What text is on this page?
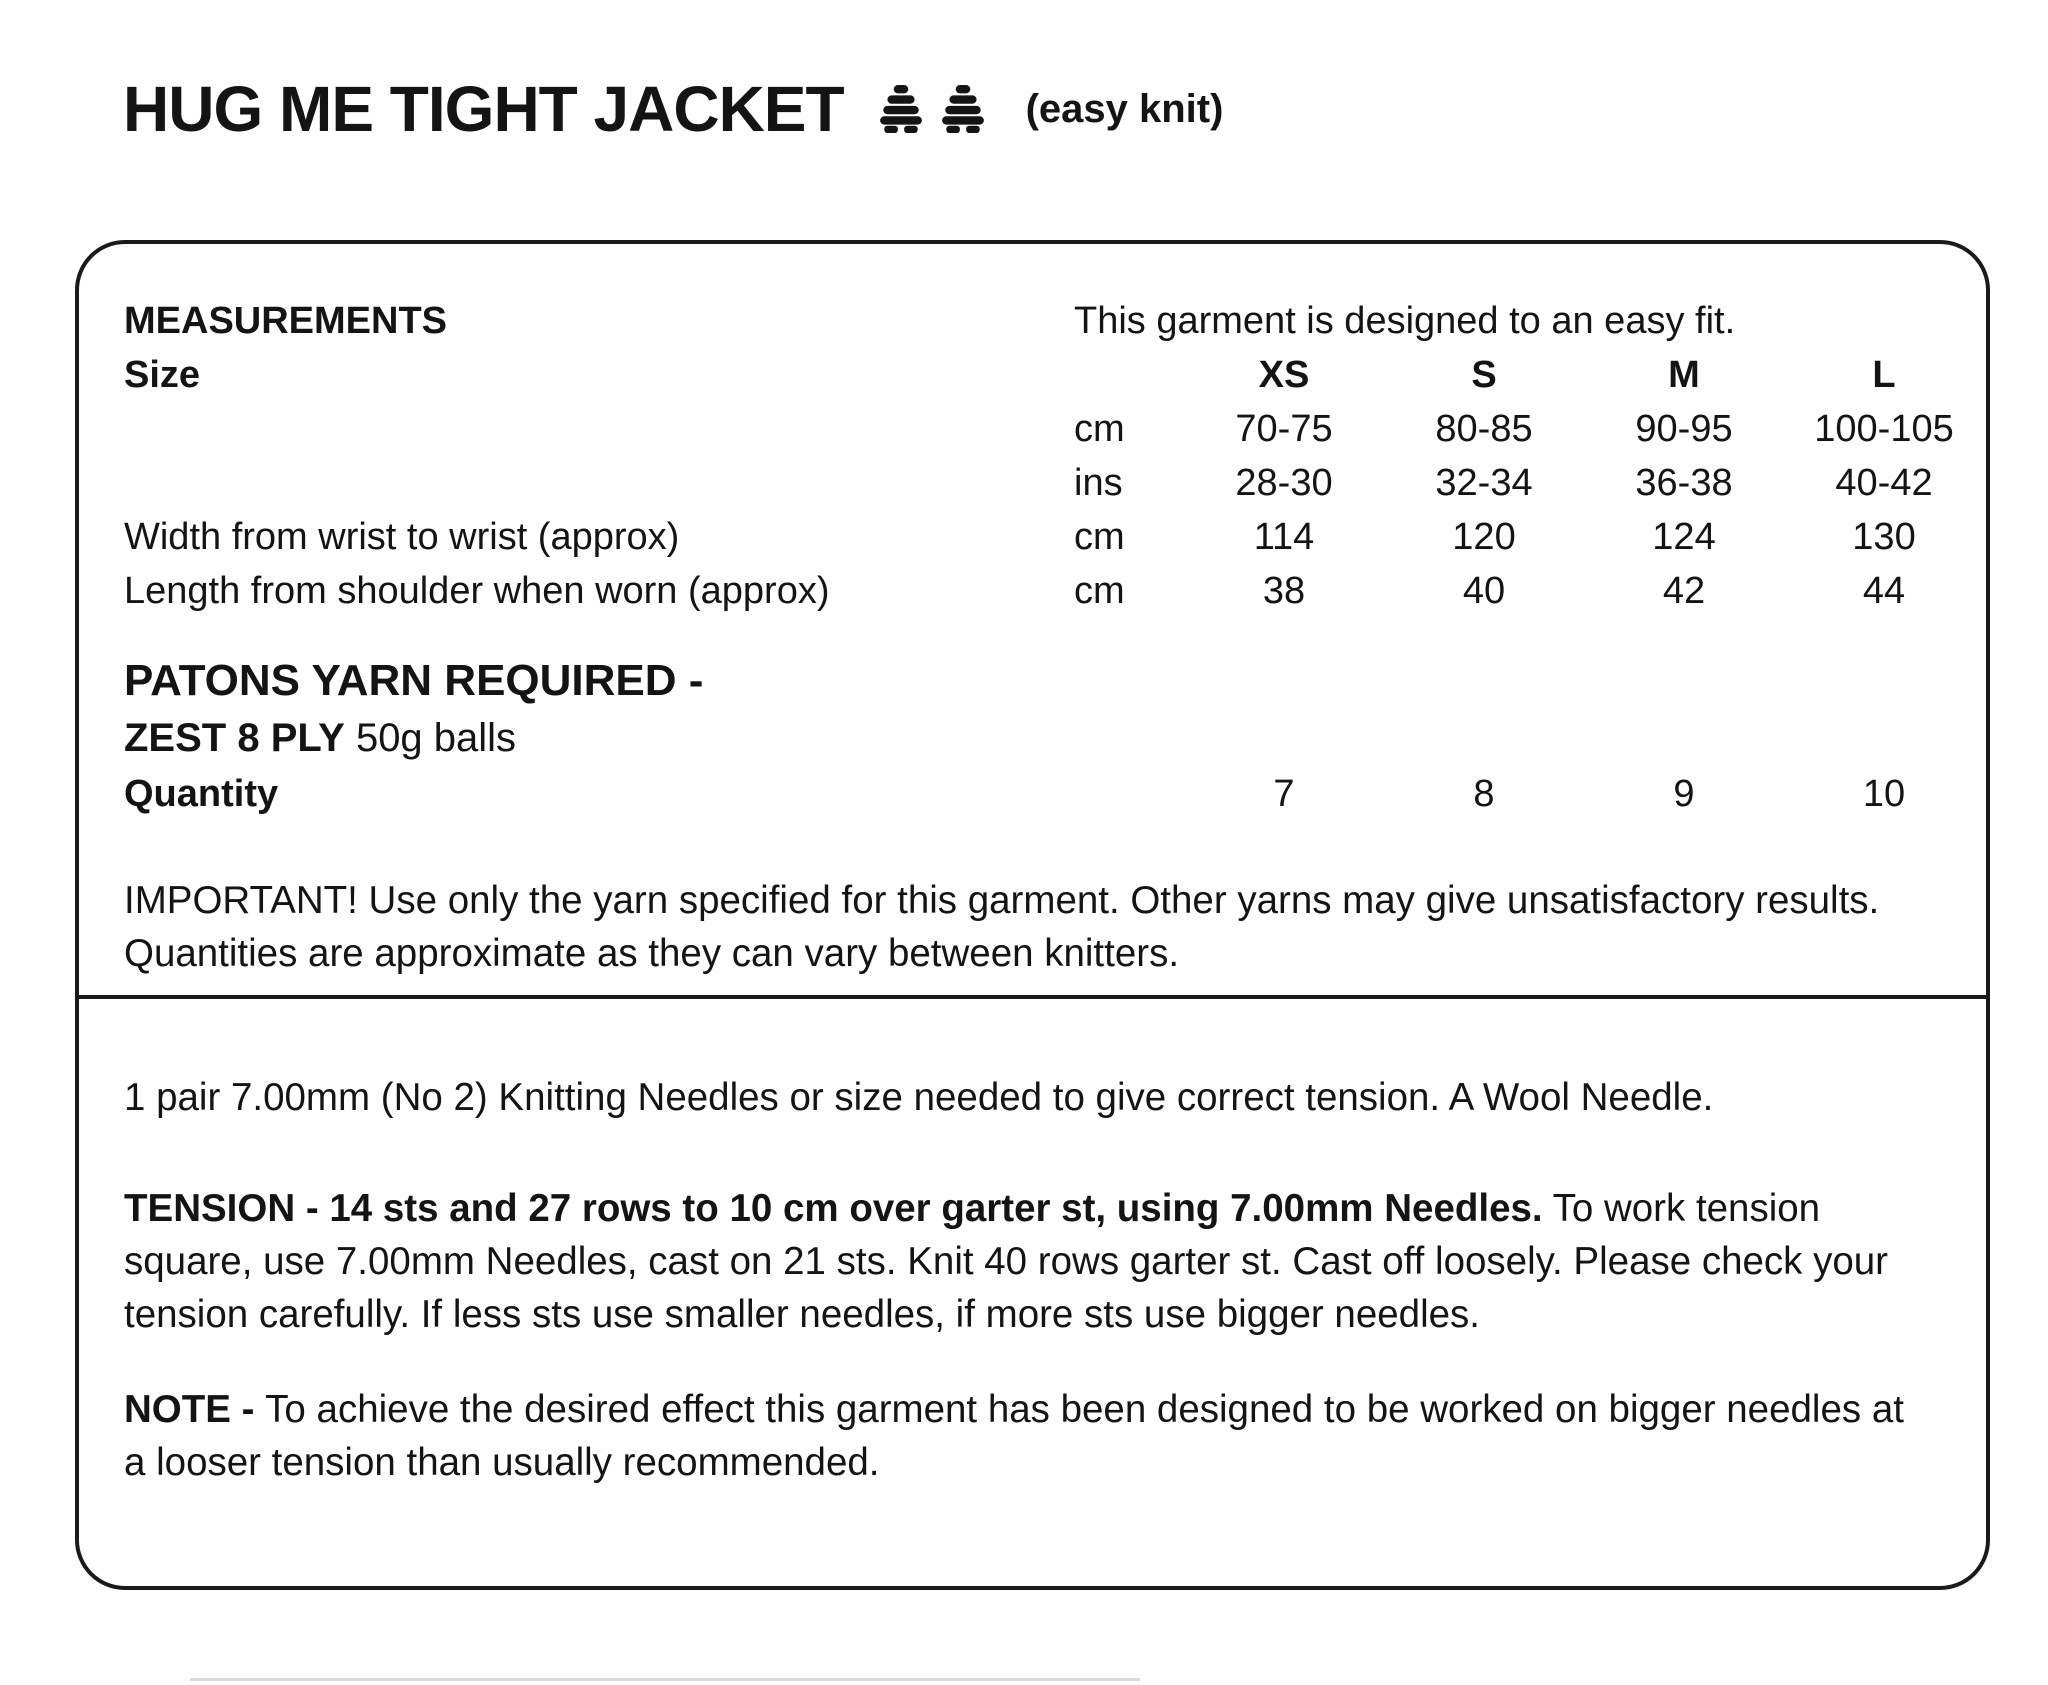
HUG ME TIGHT JACKET	(easy knit)
MEASUREMENTS	This garment is designed to an easy fit.
Size	XS	S	M	L
cm	70-75	80-85	90-95	100-105
ins	28-30	32-34	36-38	40-42
Width from wrist to wrist (approx)	cm	114	120	124	130
Length from shoulder when worn (approx)	cm	38	40	42	44
PATONS YARN REQUIRED -
ZEST 8 PLY 50g balls
Quantity	7	8	9	10
IMPORTANT! Use only the yarn specified for this garment. Other yarns may give unsatisfactory results. Quantities are approximate as they can vary between knitters.
1 pair 7.00mm (No 2) Knitting Needles or size needed to give correct tension. A Wool Needle.
TENSION - 14 sts and 27 rows to 10 cm over garter st, using 7.00mm Needles. To work tension square, use 7.00mm Needles, cast on 21 sts. Knit 40 rows garter st. Cast off loosely. Please check your tension carefully. If less sts use smaller needles, if more sts use bigger needles.
NOTE - To achieve the desired effect this garment has been designed to be worked on bigger needles at a looser tension than usually recommended.
